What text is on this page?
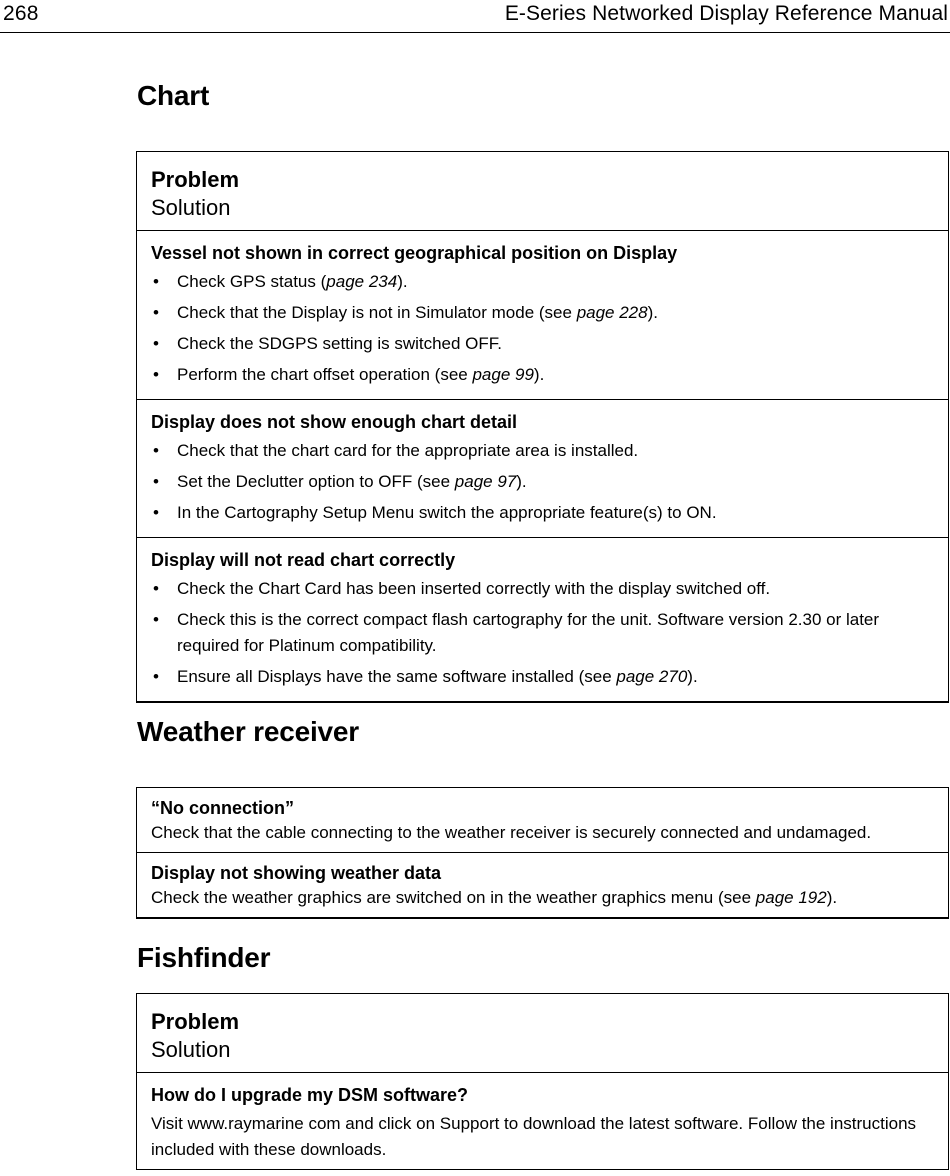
268	E-Series Networked Display Reference Manual
Chart
Problem
Solution
Vessel not shown in correct geographical position on Display
• Check GPS status (page 234).
• Check that the Display is not in Simulator mode (see page 228).
• Check the SDGPS setting is switched OFF.
• Perform the chart offset operation (see page 99).
Display does not show enough chart detail
• Check that the chart card for the appropriate area is installed.
• Set the Declutter option to OFF (see page 97).
• In the Cartography Setup Menu switch the appropriate feature(s) to ON.
Display will not read chart correctly
• Check the Chart Card has been inserted correctly with the display switched off.
• Check this is the correct compact flash cartography for the unit. Software version 2.30 or later required for Platinum compatibility.
• Ensure all Displays have the same software installed (see page 270).
Weather receiver
“No connection”
Check that the cable connecting to the weather receiver is securely connected and undamaged.
Display not showing weather data
Check the weather graphics are switched on in the weather graphics menu (see page 192).
Fishfinder
Problem
Solution
How do I upgrade my DSM software?
Visit www.raymarine com and click on Support to download the latest software. Follow the instructions included with these downloads.
